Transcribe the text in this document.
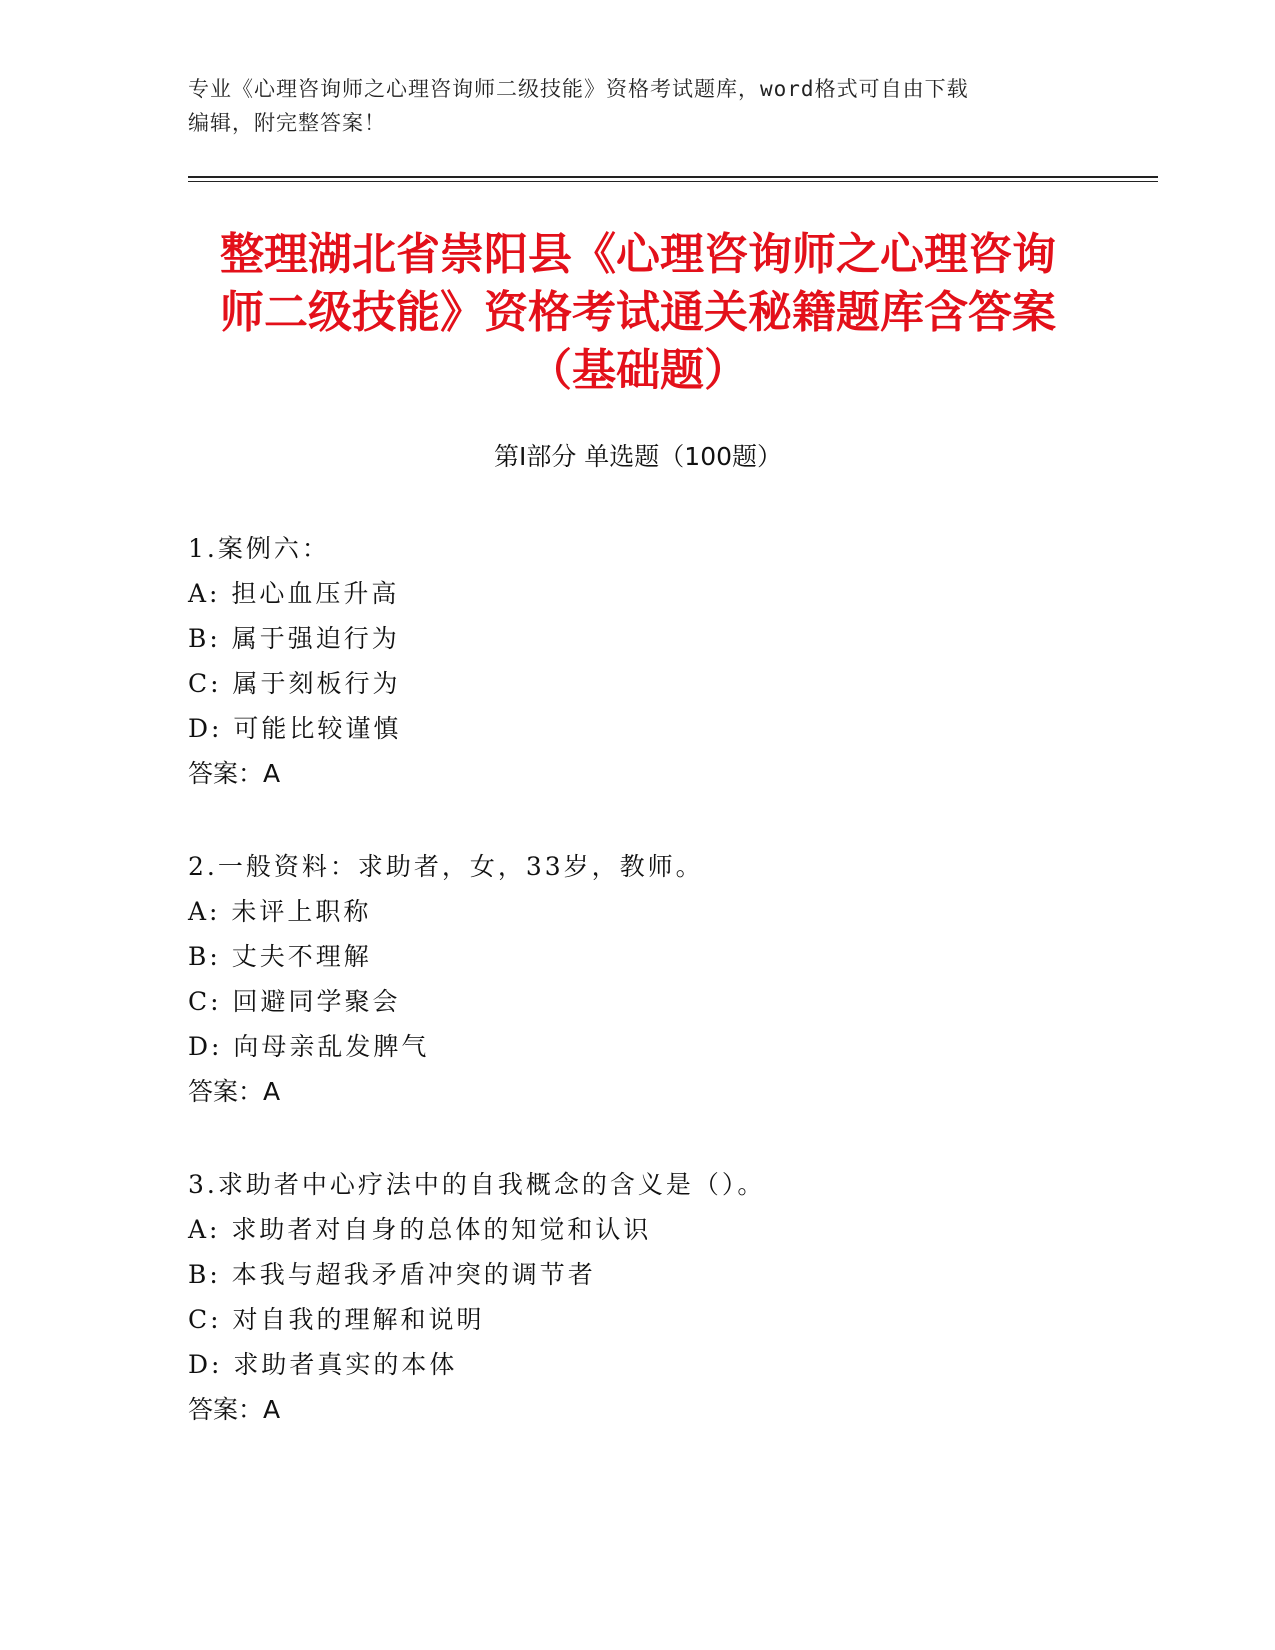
专业《心理咨询师之心理咨询师二级技能》资格考试题库，word格式可自由下载
编辑，附完整答案！
整理湖北省崇阳县《心理咨询师之心理咨询
师二级技能》资格考试通关秘籍题库含答案
（基础题）
第Ⅰ部分 单选题（100题）
1.案例六：
A: 担心血压升高
B: 属于强迫行为
C: 属于刻板行为
D: 可能比较谨慎
答案：A
2.一般资料：求助者，女，33岁，教师。
A: 未评上职称
B: 丈夫不理解
C: 回避同学聚会
D: 向母亲乱发脾气
答案：A
3.求助者中心疗法中的自我概念的含义是（）。
A: 求助者对自身的总体的知觉和认识
B: 本我与超我矛盾冲突的调节者
C: 对自我的理解和说明
D: 求助者真实的本体
答案：A
